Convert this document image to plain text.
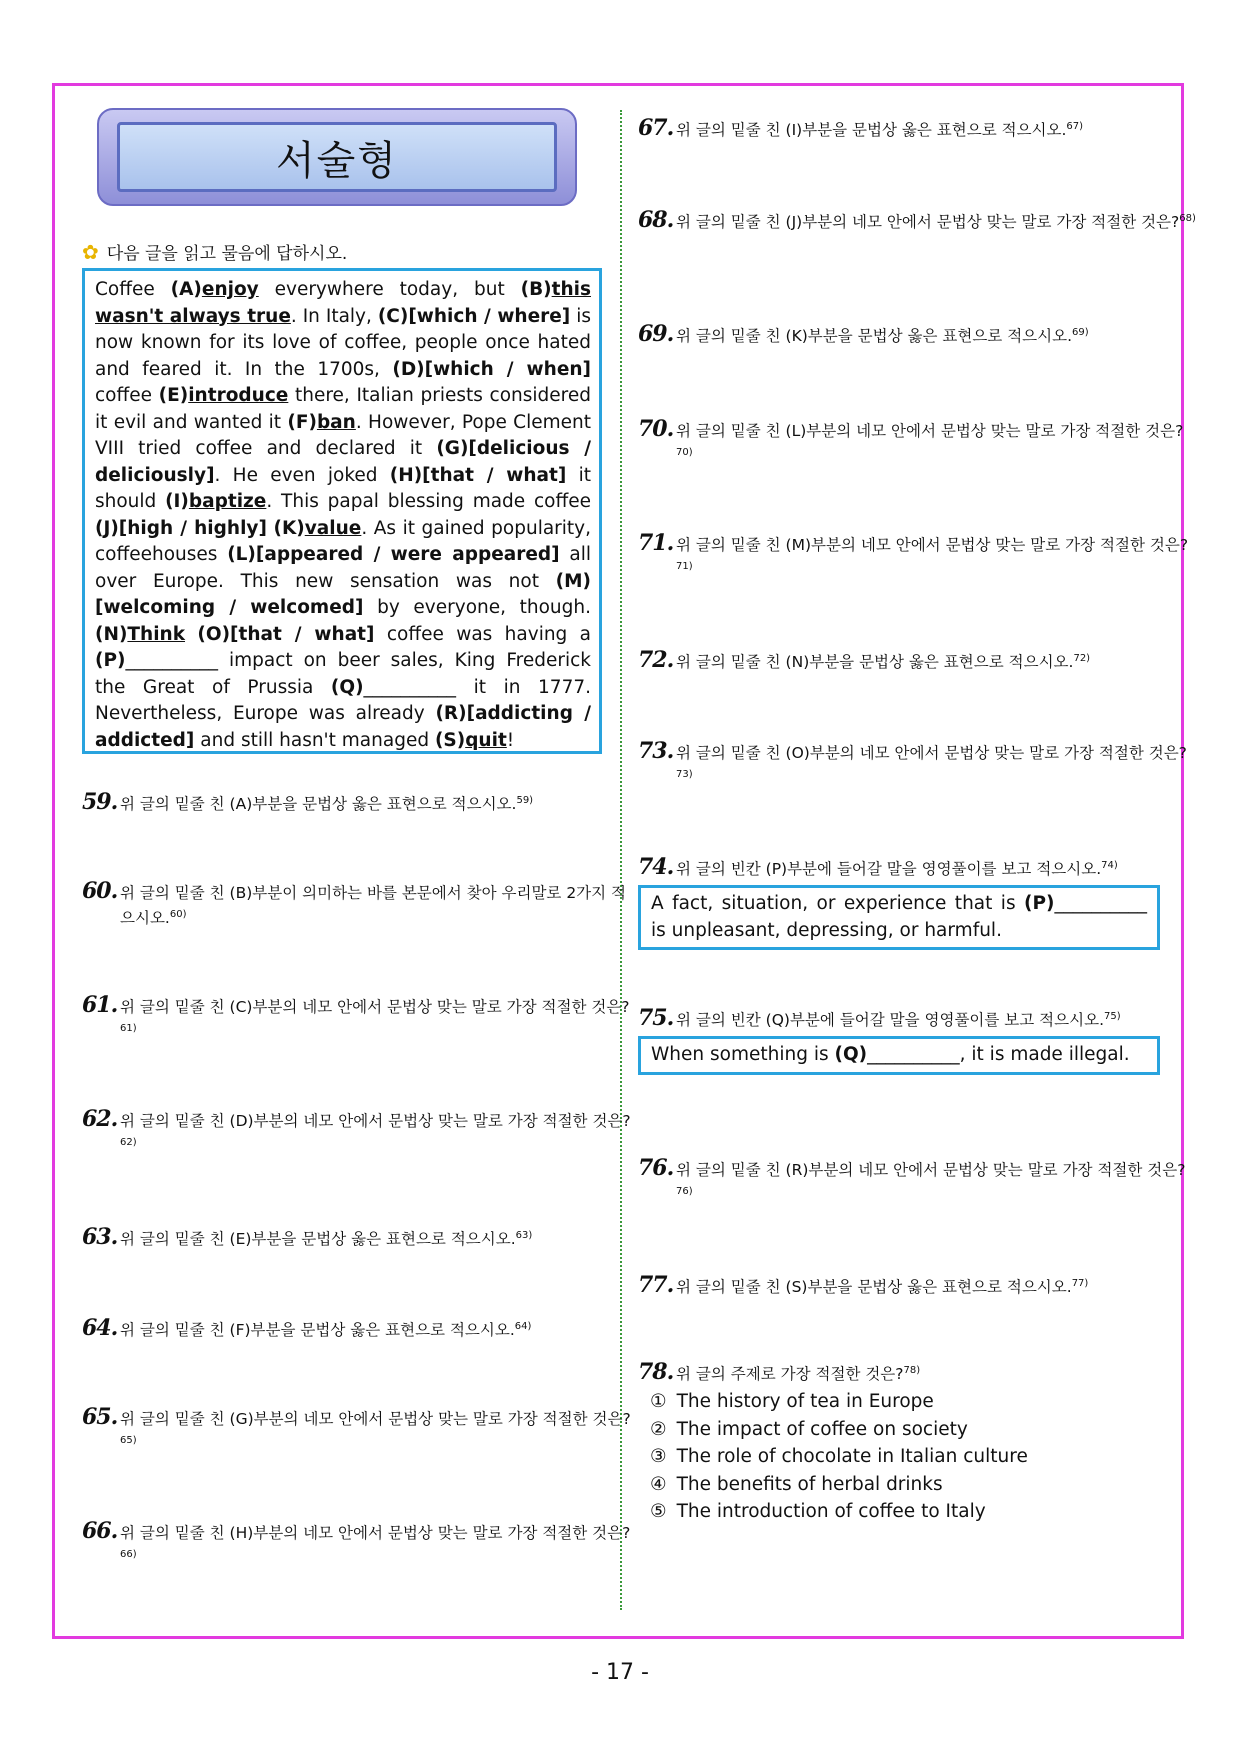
서술형
✿ 다음 글을 읽고 물음에 답하시오.
Coffee (A)enjoy everywhere today, but (B)this wasn't always true. In Italy, (C)[which / where] is now known for its love of coffee, people once hated and feared it. In the 1700s, (D)[which / when] coffee (E)introduce there, Italian priests considered it evil and wanted it (F)ban. However, Pope Clement VIII tried coffee and declared it (G)[delicious / deliciously]. He even joked (H)[that / what] it should (I)baptize. This papal blessing made coffee (J)[high / highly] (K)value. As it gained popularity, coffeehouses (L)[appeared / were appeared] all over Europe. This new sensation was not (M)[welcoming / welcomed] by everyone, though. (N)Think (O)[that / what] coffee was having a (P)__________ impact on beer sales, King Frederick the Great of Prussia (Q)__________ it in 1777. Nevertheless, Europe was already (R)[addicting / addicted] and still hasn't managed (S)quit!
59. 위 글의 밑줄 친 (A)부분을 문법상 옳은 표현으로 적으시오.$^{59)}$
60. 위 글의 밑줄 친 (B)부분이 의미하는 바를 본문에서 찾아 우리말로 2가지 적으시오.$^{60)}$
61. 위 글의 밑줄 친 (C)부분의 네모 안에서 문법상 맞는 말로 가장 적절한 것은?$^{61)}$
62. 위 글의 밑줄 친 (D)부분의 네모 안에서 문법상 맞는 말로 가장 적절한 것은?$^{62)}$
63. 위 글의 밑줄 친 (E)부분을 문법상 옳은 표현으로 적으시오.$^{63)}$
64. 위 글의 밑줄 친 (F)부분을 문법상 옳은 표현으로 적으시오.$^{64)}$
65. 위 글의 밑줄 친 (G)부분의 네모 안에서 문법상 맞는 말로 가장 적절한 것은?$^{65)}$
66. 위 글의 밑줄 친 (H)부분의 네모 안에서 문법상 맞는 말로 가장 적절한 것은?$^{66)}$
67. 위 글의 밑줄 친 (I)부분을 문법상 옳은 표현으로 적으시오.$^{67)}$
68. 위 글의 밑줄 친 (J)부분의 네모 안에서 문법상 맞는 말로 가장 적절한 것은?$^{68)}$
69. 위 글의 밑줄 친 (K)부분을 문법상 옳은 표현으로 적으시오.$^{69)}$
70. 위 글의 밑줄 친 (L)부분의 네모 안에서 문법상 맞는 말로 가장 적절한 것은?$^{70)}$
71. 위 글의 밑줄 친 (M)부분의 네모 안에서 문법상 맞는 말로 가장 적절한 것은?$^{71)}$
72. 위 글의 밑줄 친 (N)부분을 문법상 옳은 표현으로 적으시오.$^{72)}$
73. 위 글의 밑줄 친 (O)부분의 네모 안에서 문법상 맞는 말로 가장 적절한 것은?$^{73)}$
74. 위 글의 빈칸 (P)부분에 들어갈 말을 영영풀이를 보고 적으시오.$^{74)}$
A fact, situation, or experience that is (P)__________ is unpleasant, depressing, or harmful.
75. 위 글의 빈칸 (Q)부분에 들어갈 말을 영영풀이를 보고 적으시오.$^{75)}$
When something is (Q)__________, it is made illegal.
76. 위 글의 밑줄 친 (R)부분의 네모 안에서 문법상 맞는 말로 가장 적절한 것은?$^{76)}$
77. 위 글의 밑줄 친 (S)부분을 문법상 옳은 표현으로 적으시오.$^{77)}$
78. 위 글의 주제로 가장 적절한 것은?$^{78)}$
① The history of tea in Europe
② The impact of coffee on society
③ The role of chocolate in Italian culture
④ The benefits of herbal drinks
⑤ The introduction of coffee to Italy
- 17 -
